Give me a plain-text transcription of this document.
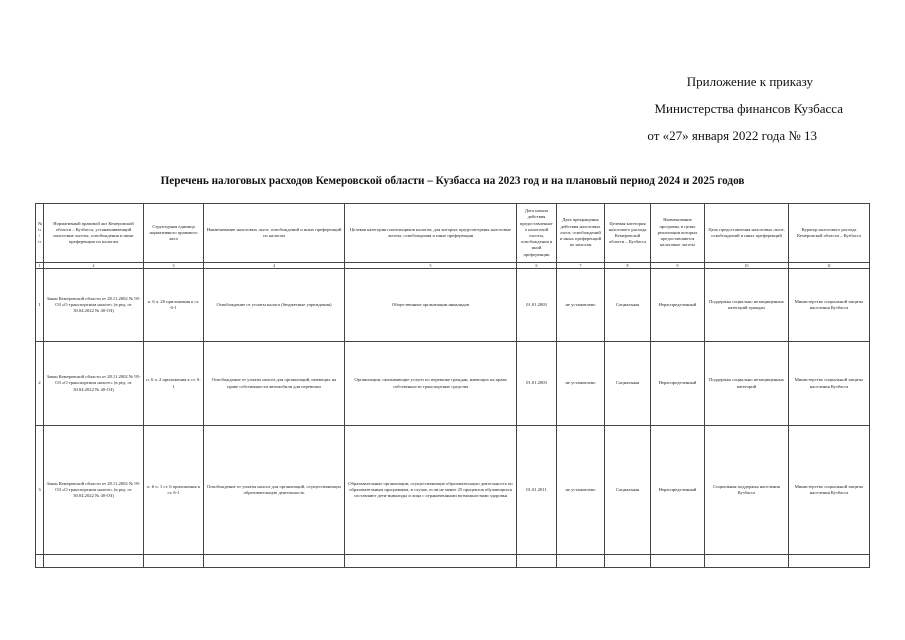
Приложение к приказу
Министерства финансов Кузбасса
от «27» января 2022 года № 13
Перечень налоговых расходов Кемеровской области – Кузбасса на 2023 год и на плановый период 2024 и 2025 годов
№ п/п	Нормативный правовой акт Кемеровской области – Кузбасса, устанавливающий налоговые льготы, освобождения и иные преференции по налогам	Структурная единица нормативного правового акта	Наименование налоговых льгот, освобождений и иных преференций по налогам	Целевая категория плательщиков налогов, для которых предусмотрены налоговые льготы, освобождения и иные преференции	Дата начала действия предоставленного налоговой льготы, освобождения и иной преференции	Дата прекращения действия налоговых льгот, освобождений и иных преференций по налогам	Целевая категория налогового расхода Кемеровской области – Кузбасса	Наименование программ, в целях реализации которых предоставляются налоговые льготы	Цель предоставления налоговых льгот, освобождений и иных преференций	Куратор налогового расхода Кемеровской области – Кузбасса
1	2	3	4	5	6	7	8	9	10	11
1	Закон Кемеровской области от 28.11.2002 № 95-ОЗ «О транспортном налоге» (в ред. от 30.04.2022 № 40-ОЗ)	п. 6 ч. 20 приложения к ст. 6-1	Освобождение от уплаты налога (бюджетные учреждения)	Общественные организации инвалидов	01.01.2003	не установлено	Социальная	Нераспределенный	Поддержка социально незащищенных категорий граждан	Министерство социальной защиты населения Кузбасса
2	Закон Кемеровской области от 28.11.2002 № 95-ОЗ «О транспортном налоге» (в ред. от 30.04.2022 № 40-ОЗ)	п. 6 ч. 2 приложения к ст. 6-1	Освобождение от уплаты налога для организаций, имеющих на праве собственности автомобили для перевозки	Организации, оказывающие услуги по перевозке граждан, имеющих на праве собственности транспортные средства	01.01.2003	не установлено	Социальная	Нераспределенный	Поддержка социально незащищенных категорий	Министерство социальной защиты населения Кузбасса
3	Закон Кемеровской области от 28.11.2002 № 95-ОЗ «О транспортном налоге» (в ред. от 30.04.2022 № 40-ОЗ)	п. 6 ч. 1 ст. 6 приложения к ст. 6-1	Освобождение от уплаты налога для организаций, осуществляющих образовательную деятельность	Образовательные организации, осуществляющие образовательную деятельность по образовательным программам, в случае, если не менее 25 процентов обучающихся составляют дети-инвалиды и лица с ограниченными возможностями здоровья	01.01.2011	не установлено	Социальная	Нераспределенный	Социальная поддержка населения Кузбасса	Министерство социальной защиты населения Кузбасса
